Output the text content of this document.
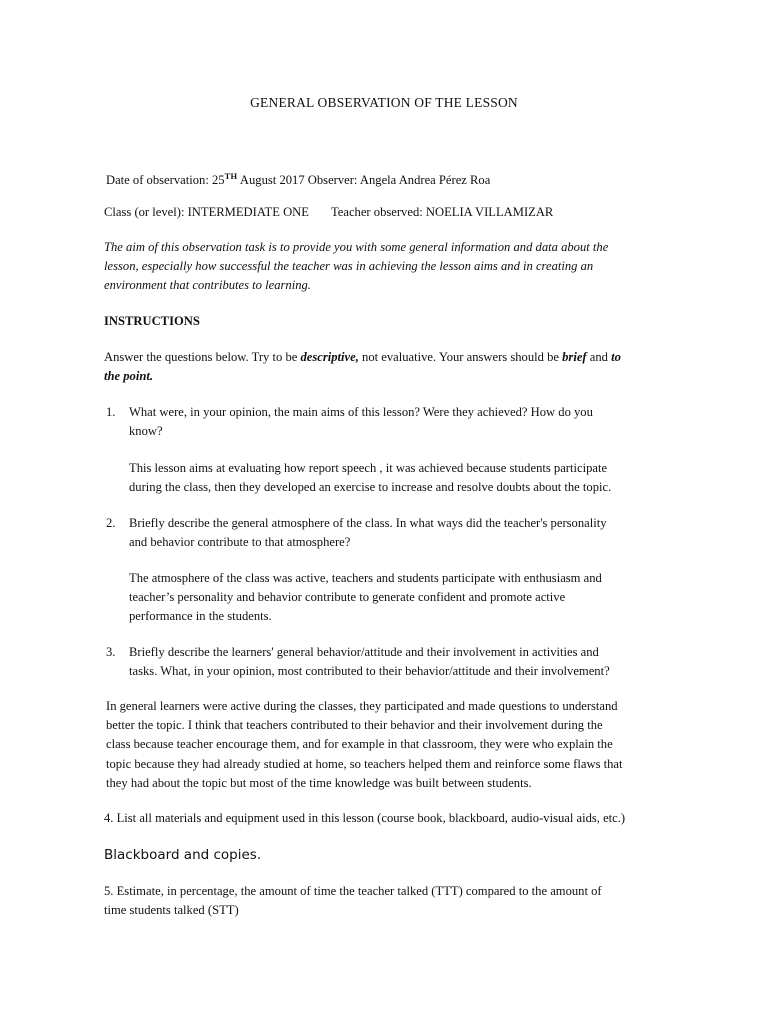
GENERAL OBSERVATION OF THE LESSON
Date of observation: 25TH August 2017 Observer: Angela Andrea Pérez Roa
Class (or level): INTERMEDIATE ONE Teacher observed: NOELIA VILLAMIZAR
The aim of this observation task is to provide you with some general information and data about the
lesson, especially how successful the teacher was in achieving the lesson aims and in creating an
environment that contributes to learning.
INSTRUCTIONS
Answer the questions below. Try to be descriptive, not evaluative. Your answers should be brief and to
the point.
1. What were, in your opinion, the main aims of this lesson? Were they achieved? How do you
know?
This lesson aims at evaluating how report speech , it was achieved because students participate
during the class, then they developed an exercise to increase and resolve doubts about the topic.
2. Briefly describe the general atmosphere of the class. In what ways did the teacher's personality
and behavior contribute to that atmosphere?
The atmosphere of the class was active, teachers and students participate with enthusiasm and
teacher’s personality and behavior contribute to generate confident and promote active
performance in the students.
3. Briefly describe the learners' general behavior/attitude and their involvement in activities and
tasks. What, in your opinion, most contributed to their behavior/attitude and their involvement?
In general learners were active during the classes, they participated and made questions to understand
better the topic. I think that teachers contributed to their behavior and their involvement during the
class because teacher encourage them, and for example in that classroom, they were who explain the
topic because they had already studied at home, so teachers helped them and reinforce some flaws that
they had about the topic but most of the time knowledge was built between students.
4. List all materials and equipment used in this lesson (course book, blackboard, audio-visual aids, etc.)
Blackboard and copies.
5. Estimate, in percentage, the amount of time the teacher talked (TTT) compared to the amount of
time students talked (STT)
